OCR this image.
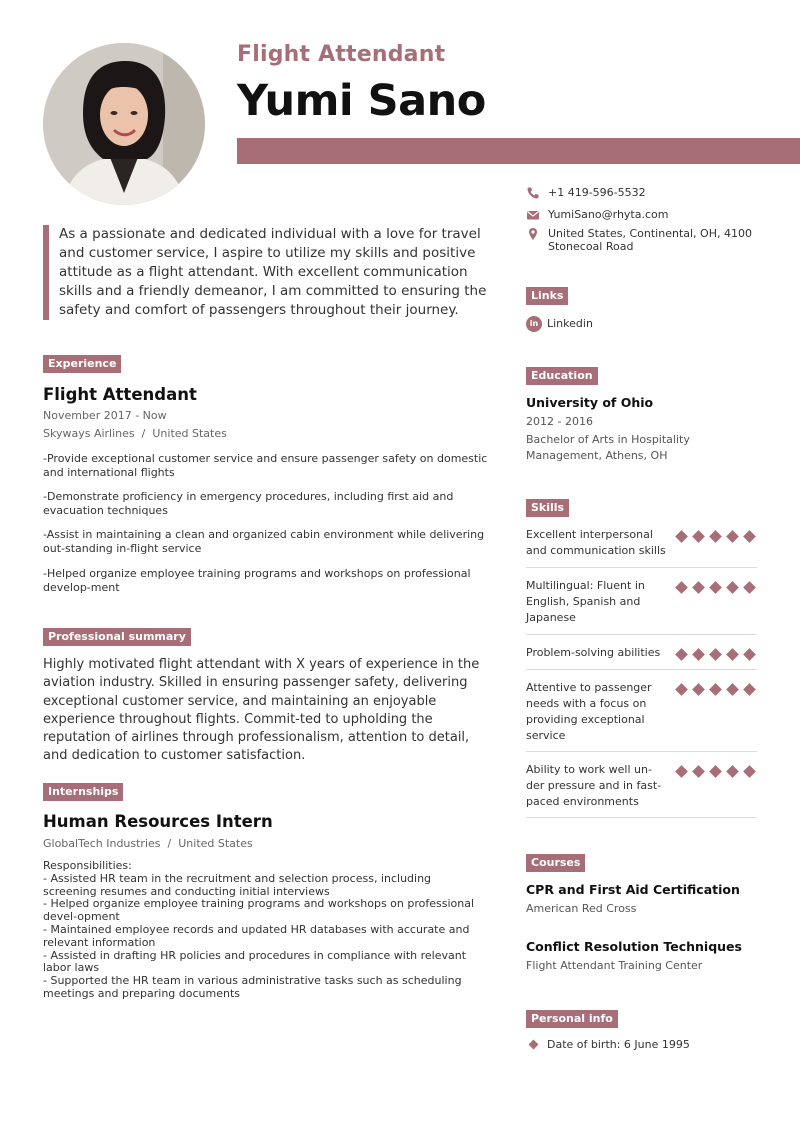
Flight Attendant
Yumi Sano
As a passionate and dedicated individual with a love for travel and customer service, I aspire to utilize my skills and positive attitude as a flight attendant. With excellent communication skills and a friendly demeanor, I am committed to ensuring the safety and comfort of passengers throughout their journey.
+1 419-596-5532
YumiSano@rhyta.com
United States, Continental, OH, 4100 Stonecoal Road
Experience
Flight Attendant
November 2017 - Now
Skyways Airlines / United States
-Provide exceptional customer service and ensure passenger safety on domestic and international flights
-Demonstrate proficiency in emergency procedures, including first aid and evacuation techniques
-Assist in maintaining a clean and organized cabin environment while delivering out-standing in-flight service
-Helped organize employee training programs and workshops on professional develop-ment
Professional summary
Highly motivated flight attendant with X years of experience in the aviation industry. Skilled in ensuring passenger safety, delivering exceptional customer service, and maintaining an enjoyable experience throughout flights. Commit-ted to upholding the reputation of airlines through professionalism, attention to detail, and dedication to customer satisfaction.
Internships
Human Resources Intern
GlobalTech Industries / United States
Responsibilities:
- Assisted HR team in the recruitment and selection process, including screening resumes and conducting initial interviews
- Helped organize employee training programs and workshops on professional devel-opment
- Maintained employee records and updated HR databases with accurate and relevant information
- Assisted in drafting HR policies and procedures in compliance with relevant labor laws
- Supported the HR team in various administrative tasks such as scheduling meetings and preparing documents
Links
in Linkedin
Education
University of Ohio
2012 - 2016
Bachelor of Arts in Hospitality Management, Athens, OH
Skills
Excellent interpersonal and communication skills
Multilingual: Fluent in English, Spanish and Japanese
Problem-solving abilities
Attentive to passenger needs with a focus on providing exceptional service
Ability to work well un-der pressure and in fast-paced environments
Courses
CPR and First Aid Certification
American Red Cross
Conflict Resolution Techniques
Flight Attendant Training Center
Personal info
Date of birth: 6 June 1995
